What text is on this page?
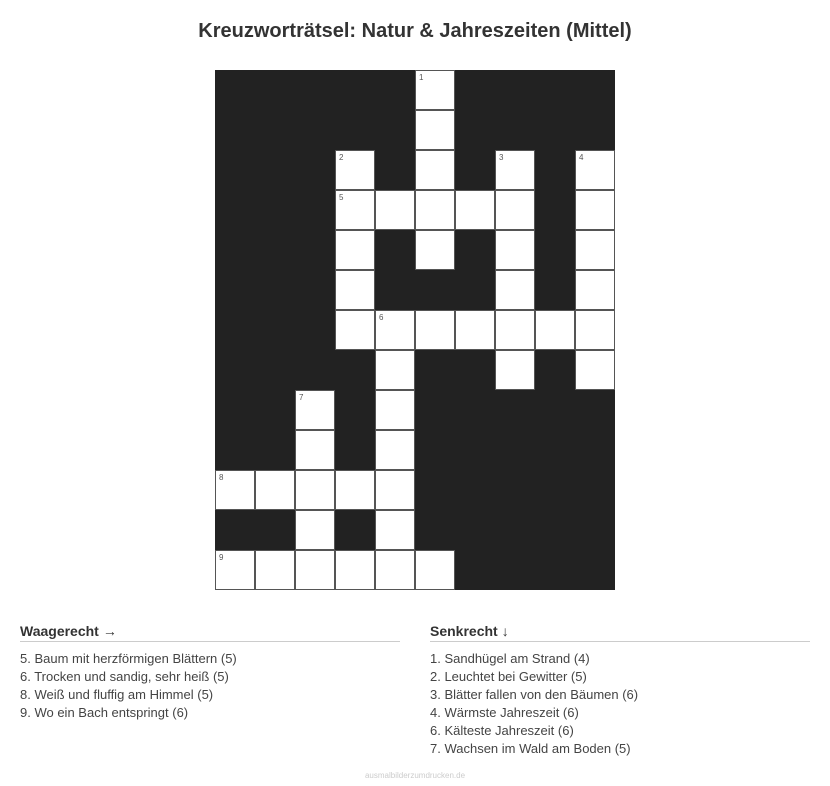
Kreuzworträtsel: Natur & Jahreszeiten (Mittel)
1
2	3	4
5
6
7
8
9
Waagerecht →
5. Baum mit herzförmigen Blättern (5)
6. Trocken und sandig, sehr heiß (5)
8. Weiß und fluffig am Himmel (5)
9. Wo ein Bach entspringt (6)
Senkrecht ↓
1. Sandhügel am Strand (4)
2. Leuchtet bei Gewitter (5)
3. Blätter fallen von den Bäumen (6)
4. Wärmste Jahreszeit (6)
6. Kälteste Jahreszeit (6)
7. Wachsen im Wald am Boden (5)
ausmalbilderzumdrucken.de
